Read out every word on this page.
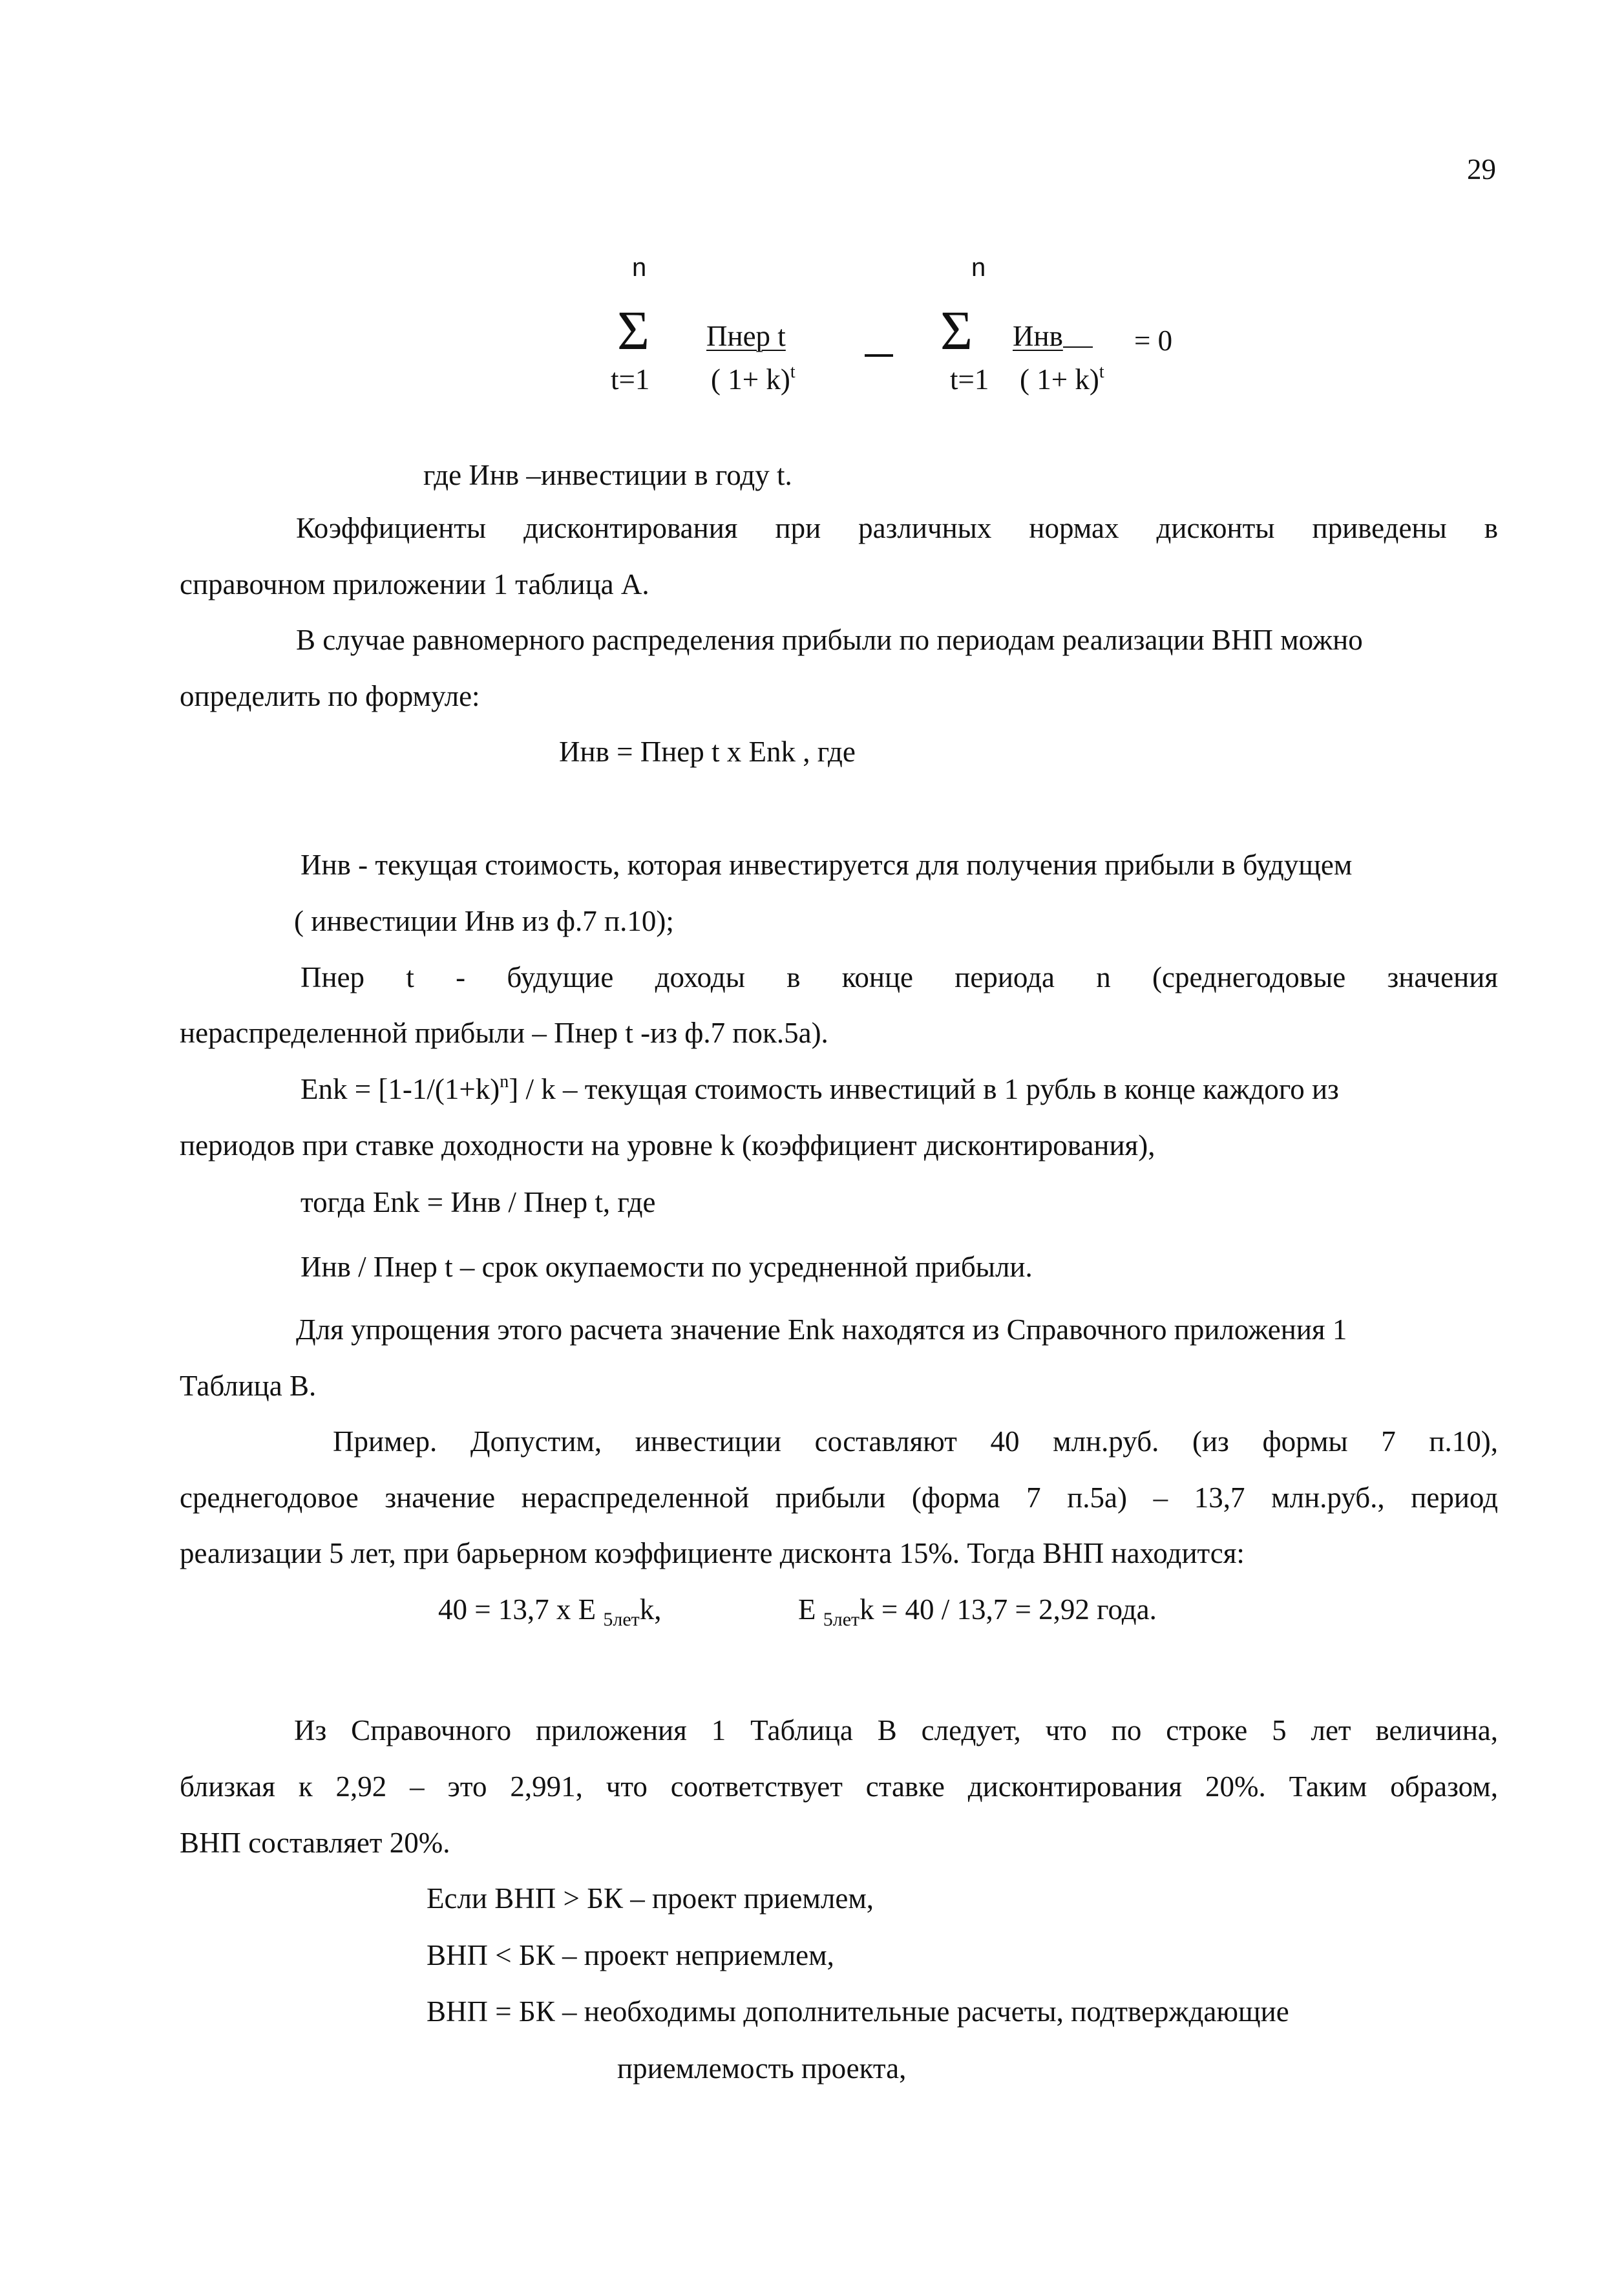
29
n	n
Σ Пнер t
t=1 ( 1+ k)$^t$
Σ Инв	= 0
t=1 ( 1+ k)$^t$
где Инв –инвестиции в году t.
Коэффициенты дисконтирования при различных нормах дисконты приведены в
справочном приложении 1 таблица А.
В случае равномерного распределения прибыли по периодам реализации ВНП можно
определить по формуле:
Инв = Пнер t x Enk , где
Инв - текущая стоимость, которая инвестируется для получения прибыли в будущем
( инвестиции Инв из ф.7 п.10);
Пнер t - будущие доходы в конце периода n (среднегодовые значения
нераспределенной прибыли – Пнер t -из ф.7 пок.5а).
Enk = $[1-1/(1+k)^n] / k$ – текущая стоимость инвестиций в 1 рубль в конце каждого из
периодов при ставке доходности на уровне k (коэффициент дисконтирования),
тогда Enk = Инв / Пнер t, где
Инв / Пнер t – срок окупаемости по усредненной прибыли.
Для упрощения этого расчета значение Enk находятся из Справочного приложения 1
Таблица В.
Пример. Допустим, инвестиции составляют 40 млн.руб. (из формы 7 п.10),
среднегодовое значение нераспределенной прибыли (форма 7 п.5а) – 13,7 млн.руб., период
реализации 5 лет, при барьерном коэффициенте дисконта 15%. Тогда ВНП находится:
40 = 13,7 x E $_{5лет}$k,	E $_{5лет}$k = 40 / 13,7 = 2,92 года.
Из Справочного приложения 1 Таблица В следует, что по строке 5 лет величина,
близкая к 2,92 – это 2,991, что соответствует ставке дисконтирования 20%. Таким образом,
ВНП составляет 20%.
Если ВНП > БК – проект приемлем,
ВНП < БК – проект неприемлем,
ВНП = БК – необходимы дополнительные расчеты, подтверждающие
приемлемость проекта,
